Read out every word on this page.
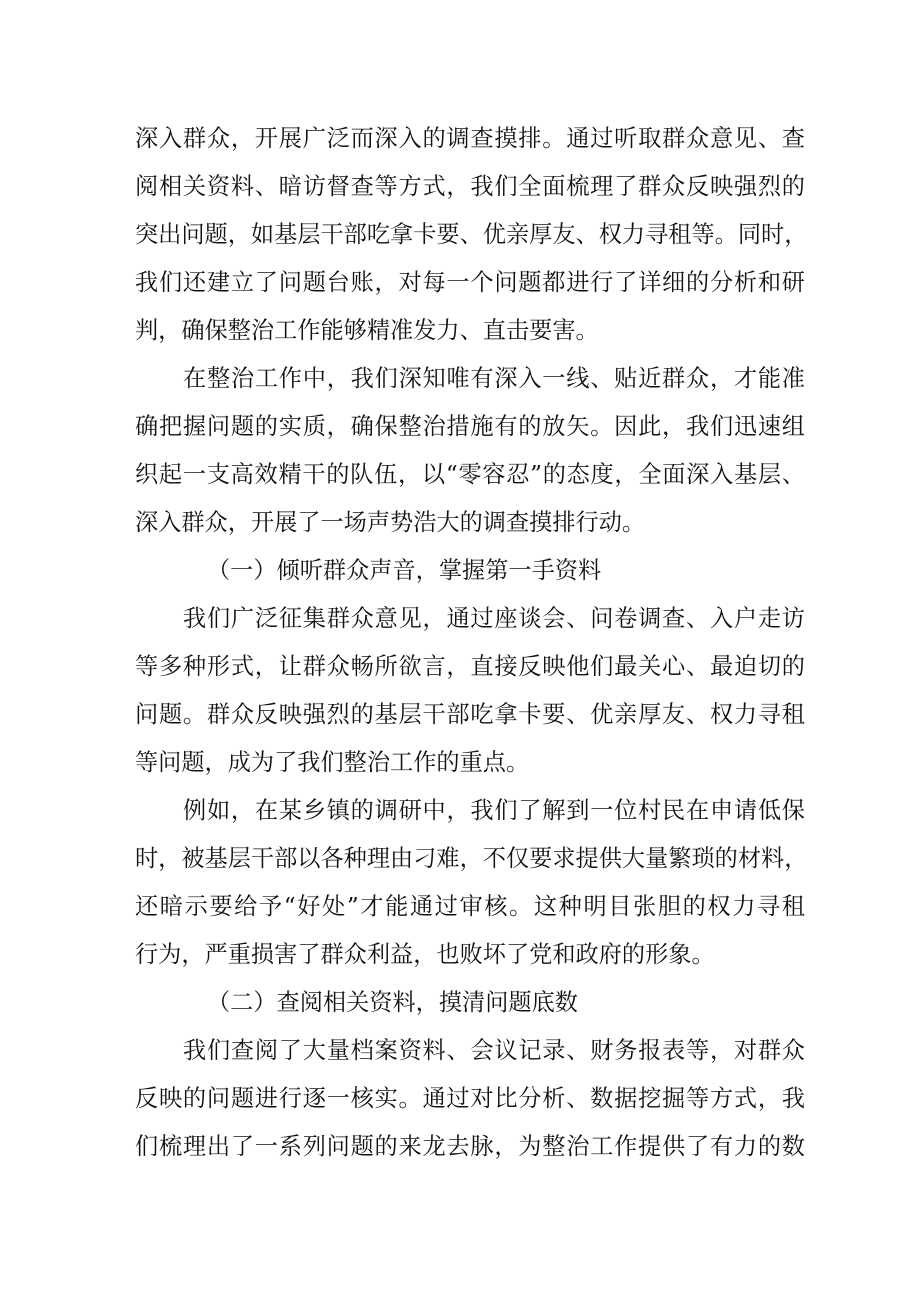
深入群众，开展广泛而深入的调查摸排。通过听取群众意见、查
阅相关资料、暗访督查等方式，我们全面梳理了群众反映强烈的
突出问题，如基层干部吃拿卡要、优亲厚友、权力寻租等。同时，
我们还建立了问题台账，对每一个问题都进行了详细的分析和研
判，确保整治工作能够精准发力、直击要害。
在整治工作中，我们深知唯有深入一线、贴近群众，才能准
确把握问题的实质，确保整治措施有的放矢。因此，我们迅速组
织起一支高效精干的队伍，以“零容忍”的态度，全面深入基层、
深入群众，开展了一场声势浩大的调查摸排行动。
（一）倾听群众声音，掌握第一手资料
我们广泛征集群众意见，通过座谈会、问卷调查、入户走访
等多种形式，让群众畅所欲言，直接反映他们最关心、最迫切的
问题。群众反映强烈的基层干部吃拿卡要、优亲厚友、权力寻租
等问题，成为了我们整治工作的重点。
例如，在某乡镇的调研中，我们了解到一位村民在申请低保
时，被基层干部以各种理由刁难，不仅要求提供大量繁琐的材料，
还暗示要给予“好处”才能通过审核。这种明目张胆的权力寻租
行为，严重损害了群众利益，也败坏了党和政府的形象。
（二）查阅相关资料，摸清问题底数
我们查阅了大量档案资料、会议记录、财务报表等，对群众
反映的问题进行逐一核实。通过对比分析、数据挖掘等方式，我
们梳理出了一系列问题的来龙去脉，为整治工作提供了有力的数
